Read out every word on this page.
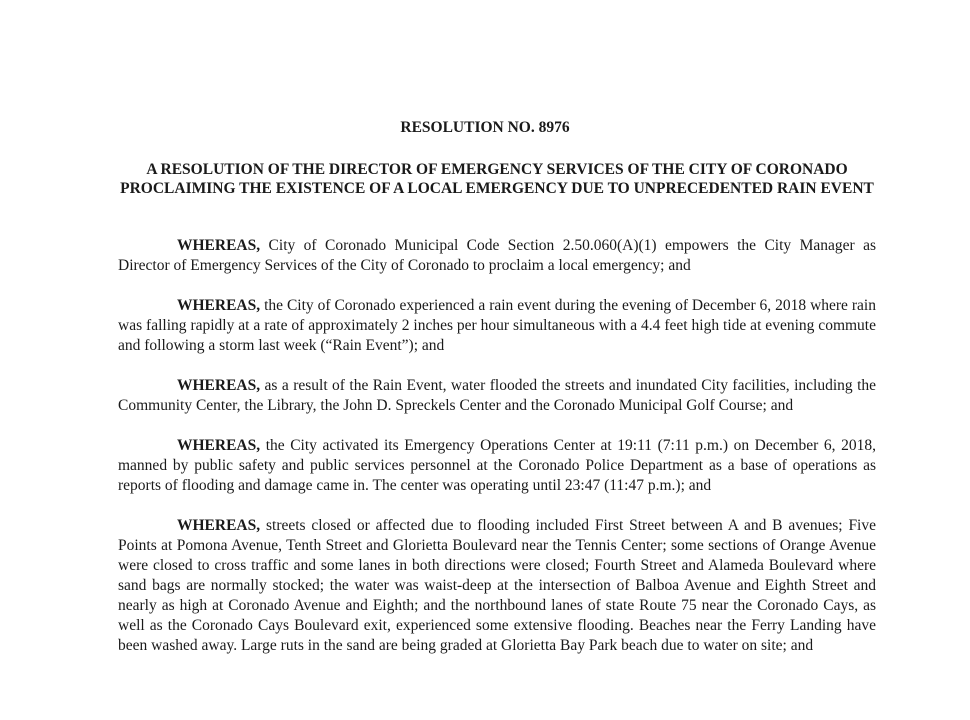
RESOLUTION NO. 8976
A RESOLUTION OF THE DIRECTOR OF EMERGENCY SERVICES OF THE CITY OF CORONADO PROCLAIMING THE EXISTENCE OF A LOCAL EMERGENCY DUE TO UNPRECEDENTED RAIN EVENT

WHEREAS, City of Coronado Municipal Code Section 2.50.060(A)(1) empowers the City Manager as Director of Emergency Services of the City of Coronado to proclaim a local emergency; and

WHEREAS, the City of Coronado experienced a rain event during the evening of December 6, 2018 where rain was falling rapidly at a rate of approximately 2 inches per hour simultaneous with a 4.4 feet high tide at evening commute and following a storm last week (“Rain Event”); and

WHEREAS, as a result of the Rain Event, water flooded the streets and inundated City facilities, including the Community Center, the Library, the John D. Spreckels Center and the Coronado Municipal Golf Course; and

WHEREAS, the City activated its Emergency Operations Center at 19:11 (7:11 p.m.) on December 6, 2018, manned by public safety and public services personnel at the Coronado Police Department as a base of operations as reports of flooding and damage came in. The center was operating until 23:47 (11:47 p.m.); and

WHEREAS, streets closed or affected due to flooding included First Street between A and B avenues; Five Points at Pomona Avenue, Tenth Street and Glorietta Boulevard near the Tennis Center; some sections of Orange Avenue were closed to cross traffic and some lanes in both directions were closed; Fourth Street and Alameda Boulevard where sand bags are normally stocked; the water was waist-deep at the intersection of Balboa Avenue and Eighth Street and nearly as high at Coronado Avenue and Eighth; and the northbound lanes of state Route 75 near the Coronado Cays, as well as the Coronado Cays Boulevard exit, experienced some extensive flooding. Beaches near the Ferry Landing have been washed away. Large ruts in the sand are being graded at Glorietta Bay Park beach due to water on site; and
